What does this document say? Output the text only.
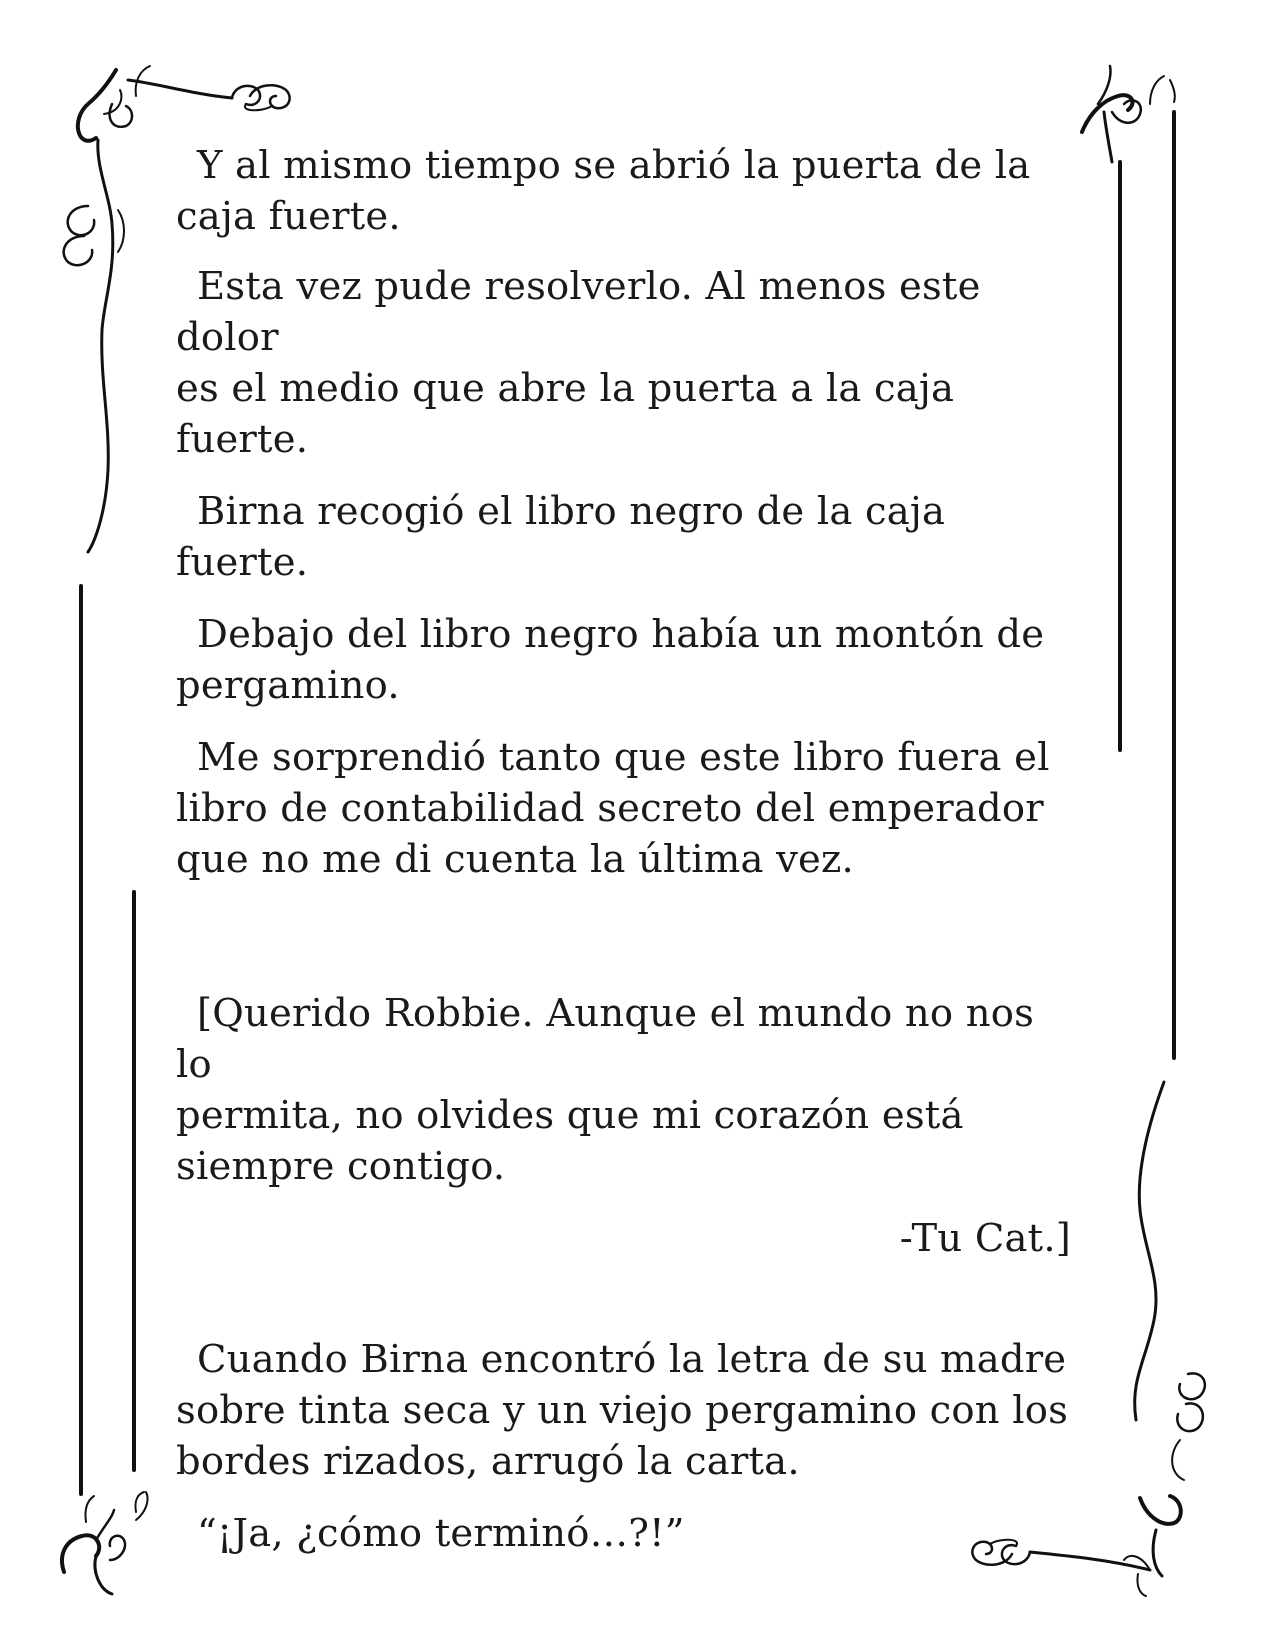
Y al mismo tiempo se abrió la puerta de la
caja fuerte.

Esta vez pude resolverlo. Al menos este dolor
es el medio que abre la puerta a la caja fuerte.

Birna recogió el libro negro de la caja fuerte.

Debajo del libro negro había un montón de
pergamino.

Me sorprendió tanto que este libro fuera el
libro de contabilidad secreto del emperador
que no me di cuenta la última vez.

[Querido Robbie. Aunque el mundo no nos lo
permita, no olvides que mi corazón está
siempre contigo.

-Tu Cat.]

Cuando Birna encontró la letra de su madre
sobre tinta seca y un viejo pergamino con los
bordes rizados, arrugó la carta.

“¡Ja, ¿cómo terminó…?!”
